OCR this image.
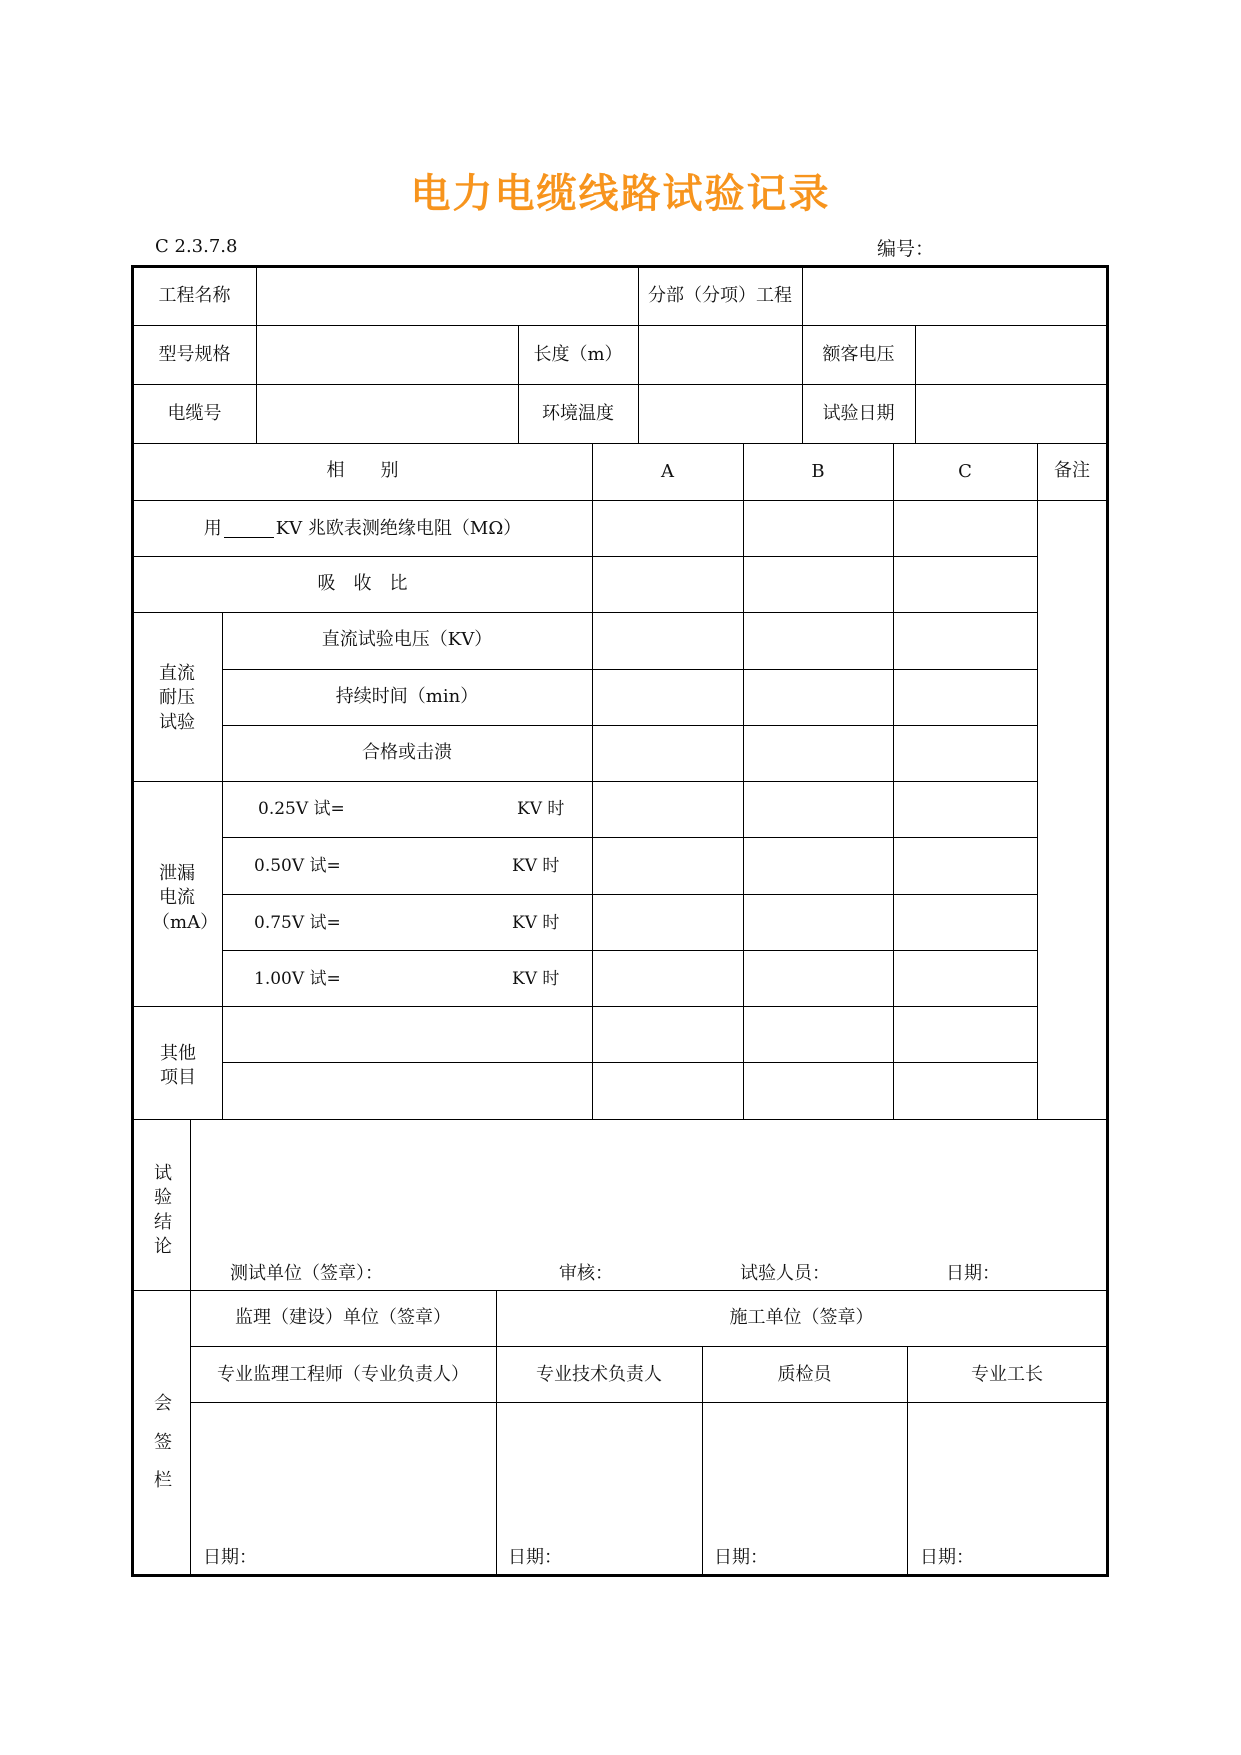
电力电缆线路试验记录
C 2.3.7.8	编号：
工程名称	分部（分项）工程
型号规格	长度（m）	额客电压
电缆号	环境温度	试验日期
相　　别	A	B	C	备注
用	KV 兆欧表测绝缘电阻（MΩ）
吸　收　比
直流耐压试验
直流试验电压（KV）
持续时间（min）
合格或击溃
泄漏电流（mA）
0.25V 试=	KV 时
0.50V 试=	KV 时
0.75V 试=	KV 时
1.00V 试=	KV 时
其他项目
试验结论
测试单位（签章）：	审核：	试验人员：	日期：
会签栏
监理（建设）单位（签章）	施工单位（签章）
专业监理工程师（专业负责人）	专业技术负责人	质检员	专业工长
日期：	日期：	日期：	日期：
